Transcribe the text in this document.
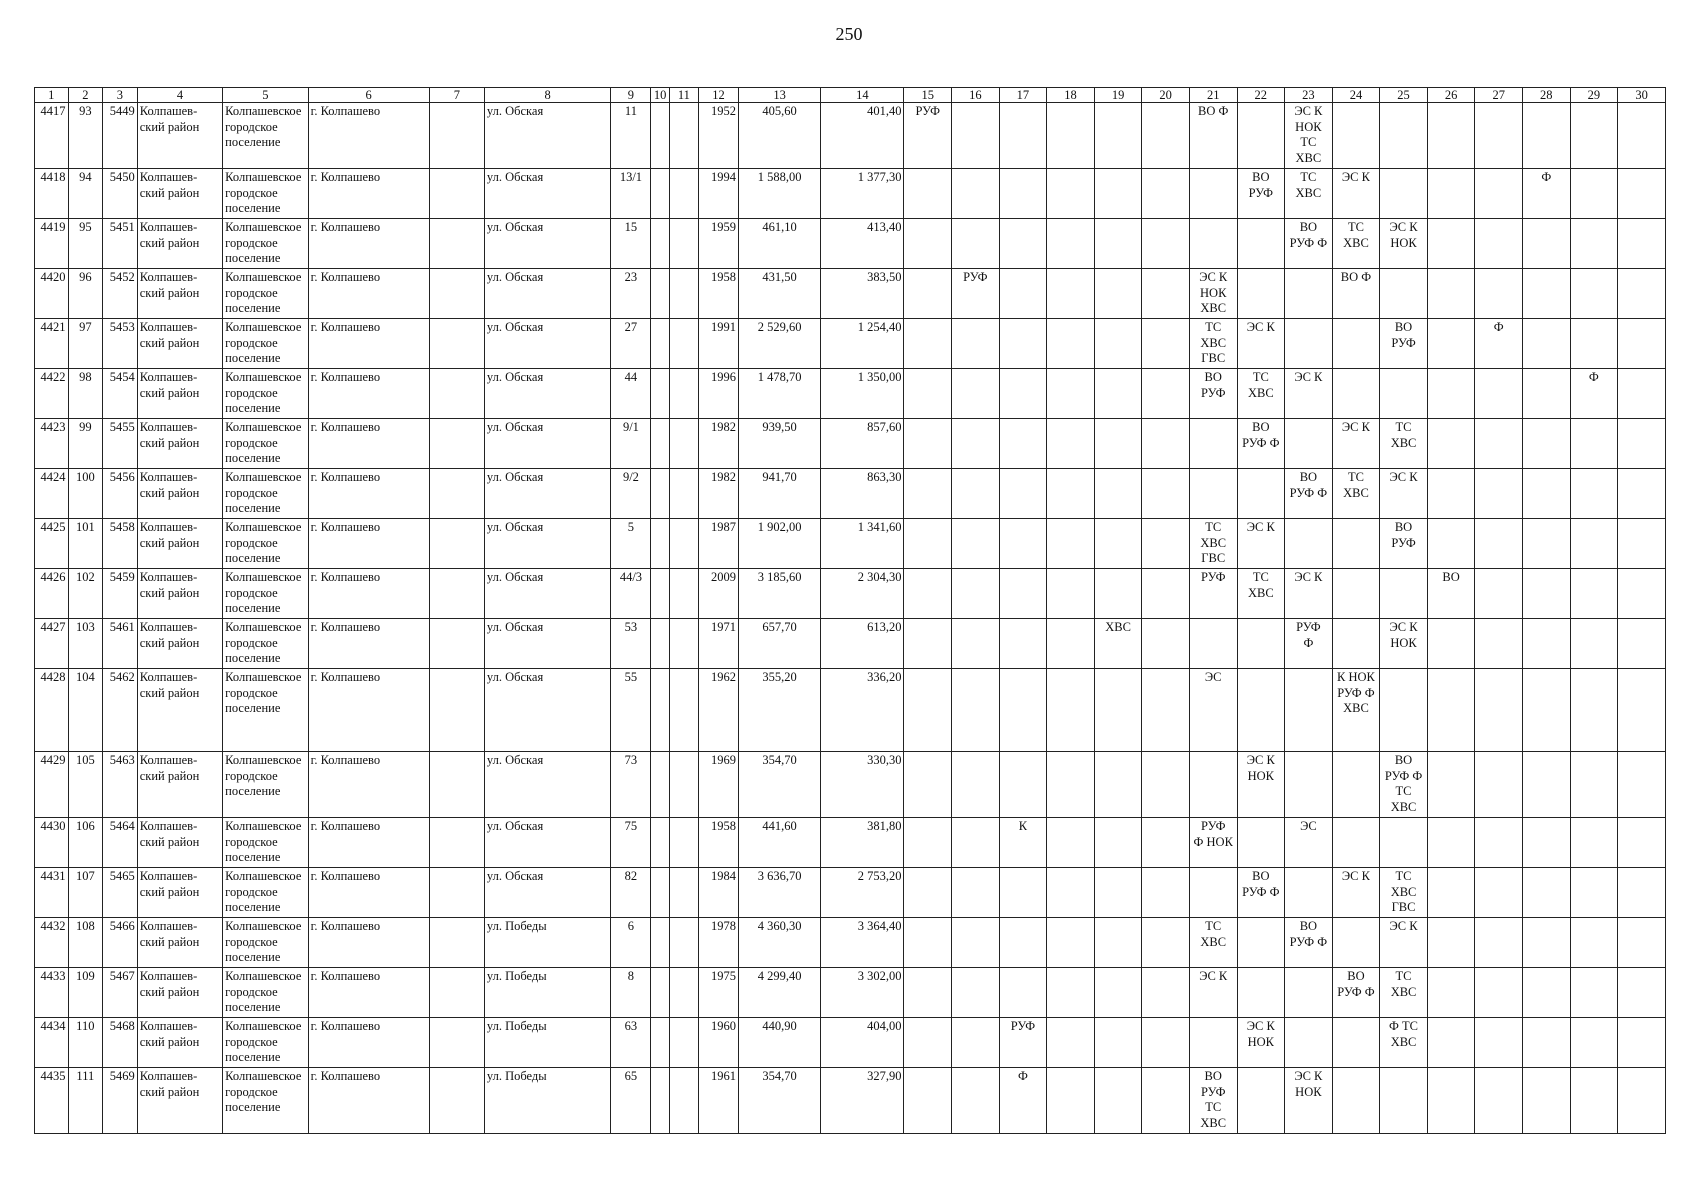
250
1	2	3	4	5	6	7	8	9	10	11	12	13	14	15	16	17	18	19	20	21	22	23	24	25	26	27	28	29	30
4417	93	5449	Колпашев-
ский район	Колпашевское
городское
поселение	г. Колпашево		ул. Обская	11			1952	405,60	401,40	РУФ						ВО Ф		ЭС К
НОК
ТС
ХВС							
4418	94	5450	Колпашев-
ский район	Колпашевское
городское
поселение	г. Колпашево		ул. Обская	13/1			1994	1 588,00	1 377,30								ВО
РУФ	ТС
ХВС	ЭС К				Ф		
4419	95	5451	Колпашев-
ский район	Колпашевское
городское
поселение	г. Колпашево		ул. Обская	15			1959	461,10	413,40									ВО
РУФ Ф	ТС
ХВС	ЭС К
НОК					
4420	96	5452	Колпашев-
ский район	Колпашевское
городское
поселение	г. Колпашево		ул. Обская	23			1958	431,50	383,50		РУФ					ЭС К
НОК
ХВС			ВО Ф						
4421	97	5453	Колпашев-
ский район	Колпашевское
городское
поселение	г. Колпашево		ул. Обская	27			1991	2 529,60	1 254,40							ТС
ХВС
ГВС	ЭС К			ВО
РУФ		Ф			
4422	98	5454	Колпашев-
ский район	Колпашевское
городское
поселение	г. Колпашево		ул. Обская	44			1996	1 478,70	1 350,00							ВО
РУФ	ТС
ХВС	ЭС К						Ф	
4423	99	5455	Колпашев-
ский район	Колпашевское
городское
поселение	г. Колпашево		ул. Обская	9/1			1982	939,50	857,60								ВО
РУФ Ф		ЭС К	ТС
ХВС					
4424	100	5456	Колпашев-
ский район	Колпашевское
городское
поселение	г. Колпашево		ул. Обская	9/2			1982	941,70	863,30									ВО
РУФ Ф	ТС
ХВС	ЭС К					
4425	101	5458	Колпашев-
ский район	Колпашевское
городское
поселение	г. Колпашево		ул. Обская	5			1987	1 902,00	1 341,60							ТС
ХВС
ГВС	ЭС К			ВО
РУФ					
4426	102	5459	Колпашев-
ский район	Колпашевское
городское
поселение	г. Колпашево		ул. Обская	44/3			2009	3 185,60	2 304,30							РУФ	ТС
ХВС	ЭС К			ВО				
4427	103	5461	Колпашев-
ский район	Колпашевское
городское
поселение	г. Колпашево		ул. Обская	53			1971	657,70	613,20					ХВС				РУФ
Ф		ЭС К
НОК					
4428	104	5462	Колпашев-
ский район	Колпашевское
городское
поселение	г. Колпашево		ул. Обская	55			1962	355,20	336,20							ЭС			К НОК
РУФ Ф
ХВС						
4429	105	5463	Колпашев-
ский район	Колпашевское
городское
поселение	г. Колпашево		ул. Обская	73			1969	354,70	330,30								ЭС К
НОК			ВО
РУФ Ф
ТС
ХВС					
4430	106	5464	Колпашев-
ский район	Колпашевское
городское
поселение	г. Колпашево		ул. Обская	75			1958	441,60	381,80			К				РУФ
Ф НОК		ЭС							
4431	107	5465	Колпашев-
ский район	Колпашевское
городское
поселение	г. Колпашево		ул. Обская	82			1984	3 636,70	2 753,20								ВО
РУФ Ф		ЭС К	ТС
ХВС
ГВС					
4432	108	5466	Колпашев-
ский район	Колпашевское
городское
поселение	г. Колпашево		ул. Победы	6			1978	4 360,30	3 364,40							ТС
ХВС		ВО
РУФ Ф		ЭС К					
4433	109	5467	Колпашев-
ский район	Колпашевское
городское
поселение	г. Колпашево		ул. Победы	8			1975	4 299,40	3 302,00							ЭС К			ВО
РУФ Ф	ТС
ХВС					
4434	110	5468	Колпашев-
ский район	Колпашевское
городское
поселение	г. Колпашево		ул. Победы	63			1960	440,90	404,00			РУФ					ЭС К
НОК			Ф ТС
ХВС					
4435	111	5469	Колпашев-
ский район	Колпашевское
городское
поселение	г. Колпашево		ул. Победы	65			1961	354,70	327,90			Ф				ВО
РУФ
ТС
ХВС		ЭС К
НОК							
